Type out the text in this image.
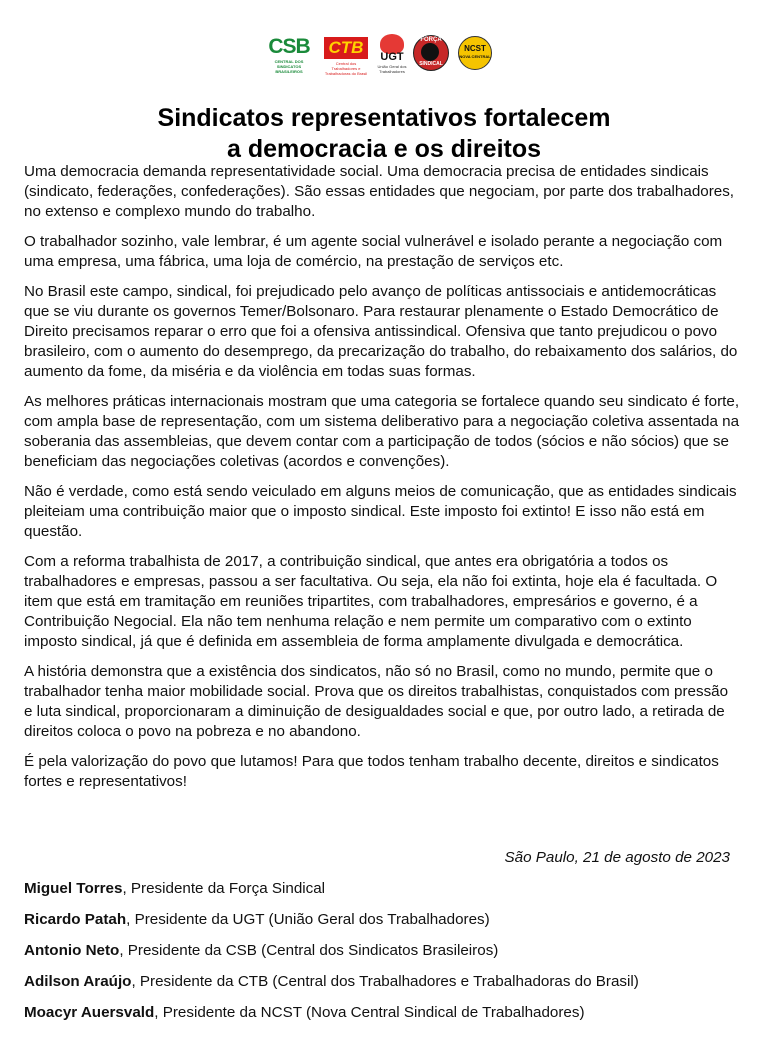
CSB
CENTRAL DOS SINDICATOS BRASILEIROS
CTB
Central dos Trabalhadores e Trabalhadoras do Brasil
UGT
União Geral dos Trabalhadores
FORÇA
SINDICAL
NCST
NOVA CENTRAL
Sindicatos representativos fortalecem
a democracia e os direitos

Uma democracia demanda representatividade social. Uma democracia precisa de entidades sindicais (sindicato, federações, confederações). São essas entidades que negociam, por parte dos trabalhadores, no extenso e complexo mundo do trabalho.

O trabalhador sozinho, vale lembrar, é um agente social vulnerável e isolado perante a negociação com uma empresa, uma fábrica, uma loja de comércio, na prestação de serviços etc.

No Brasil este campo, sindical, foi prejudicado pelo avanço de políticas antissociais e antidemocráticas que se viu durante os governos Temer/Bolsonaro. Para restaurar plenamente o Estado Democrático de Direito precisamos reparar o erro que foi a ofensiva antissindical. Ofensiva que tanto prejudicou o povo brasileiro, com o aumento do desemprego, da precarização do trabalho, do rebaixamento dos salários, do aumento da fome, da miséria e da violência em todas suas formas.

As melhores práticas internacionais mostram que uma categoria se fortalece quando seu sindicato é forte, com ampla base de representação, com um sistema deliberativo para a negociação coletiva assentada na soberania das assembleias, que devem contar com a participação de todos (sócios e não sócios) que se beneficiam das negociações coletivas (acordos e convenções).

Não é verdade, como está sendo veiculado em alguns meios de comunicação, que as entidades sindicais pleiteiam uma contribuição maior que o imposto sindical. Este imposto foi extinto! E isso não está em questão.

Com a reforma trabalhista de 2017, a contribuição sindical, que antes era obrigatória a todos os trabalhadores e empresas, passou a ser facultativa. Ou seja, ela não foi extinta, hoje ela é facultada. O item que está em tramitação em reuniões tripartites, com trabalhadores, empresários e governo, é a Contribuição Negocial. Ela não tem nenhuma relação e nem permite um comparativo com o extinto imposto sindical, já que é definida em assembleia de forma amplamente divulgada e democrática.

A história demonstra que a existência dos sindicatos, não só no Brasil, como no mundo, permite que o trabalhador tenha maior mobilidade social. Prova que os direitos trabalhistas, conquistados com pressão e luta sindical, proporcionaram a diminuição de desigualdades social e que, por outro lado, a retirada de direitos coloca o povo na pobreza e no abandono.

É pela valorização do povo que lutamos! Para que todos tenham trabalho decente, direitos e sindicatos fortes e representativos!

São Paulo, 21 de agosto de 2023
Miguel Torres, Presidente da Força Sindical
Ricardo Patah, Presidente da UGT (União Geral dos Trabalhadores)
Antonio Neto, Presidente da CSB (Central dos Sindicatos Brasileiros)
Adilson Araújo, Presidente da CTB (Central dos Trabalhadores e Trabalhadoras do Brasil)
Moacyr Auersvald, Presidente da NCST (Nova Central Sindical de Trabalhadores)
